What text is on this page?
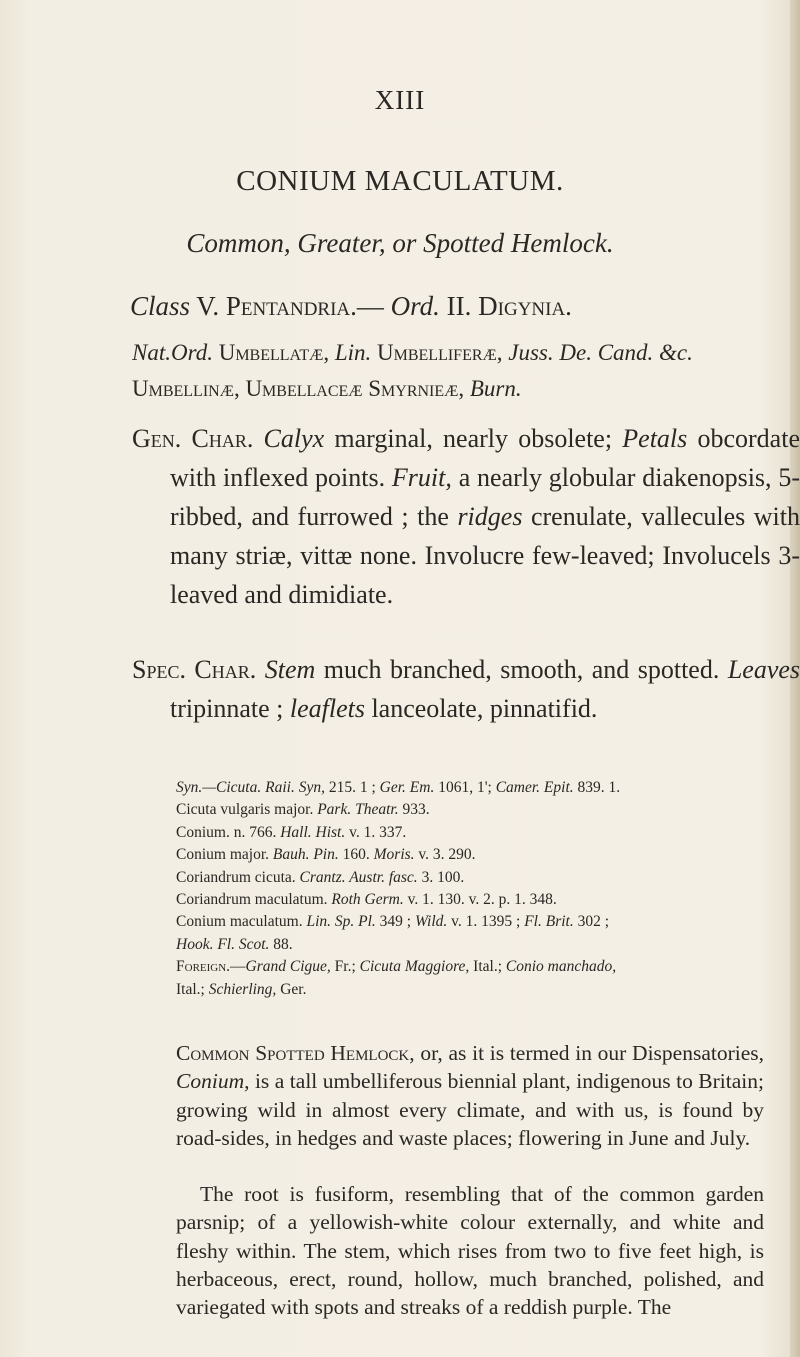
XIII
CONIUM MACULATUM.
Common, Greater, or Spotted Hemlock.
Class V. Pentandria.— Ord. II. Digynia.
Nat.Ord. Umbellatæ, Lin. Umbelliferæ, Juss. De. Cand. &c.
Umbellinæ, Umbellaceæ Smyrnieæ, Burn.
Gen. Char. Calyx marginal, nearly obsolete; Petals obcordate with inflexed points. Fruit, a nearly globular diakenopsis, 5-ribbed, and furrowed ; the ridges crenulate, vallecules with many striæ, vittæ none. Involucre few-leaved; Involucels 3-leaved and dimidiate.
Spec. Char. Stem much branched, smooth, and spotted. Leaves tripinnate ; leaflets lanceolate, pinnatifid.
Syn.—Cicuta. Raii. Syn, 215. 1 ; Ger. Em. 1061, 1'; Camer. Epit. 839. 1.
Cicuta vulgaris major. Park. Theatr. 933.
Conium. n. 766. Hall. Hist. v. 1. 337.
Conium major. Bauh. Pin. 160. Moris. v. 3. 290.
Coriandrum cicuta. Crantz. Austr. fasc. 3. 100.
Coriandrum maculatum. Roth Germ. v. 1. 130. v. 2. p. 1. 348.
Conium maculatum. Lin. Sp. Pl. 349 ; Wild. v. 1. 1395 ; Fl. Brit. 302 ;
Hook. Fl. Scot. 88.
Foreign.—Grand Cigue, Fr.; Cicuta Maggiore, Ital.; Conio manchado,
Ital.; Schierling, Ger.
Common Spotted Hemlock, or, as it is termed in our Dispensatories, Conium, is a tall umbelliferous biennial plant, indigenous to Britain; growing wild in almost every climate, and with us, is found by road-sides, in hedges and waste places; flowering in June and July.
The root is fusiform, resembling that of the common garden parsnip; of a yellowish-white colour externally, and white and fleshy within. The stem, which rises from two to five feet high, is herbaceous, erect, round, hollow, much branched, polished, and variegated with spots and streaks of a reddish purple. The
